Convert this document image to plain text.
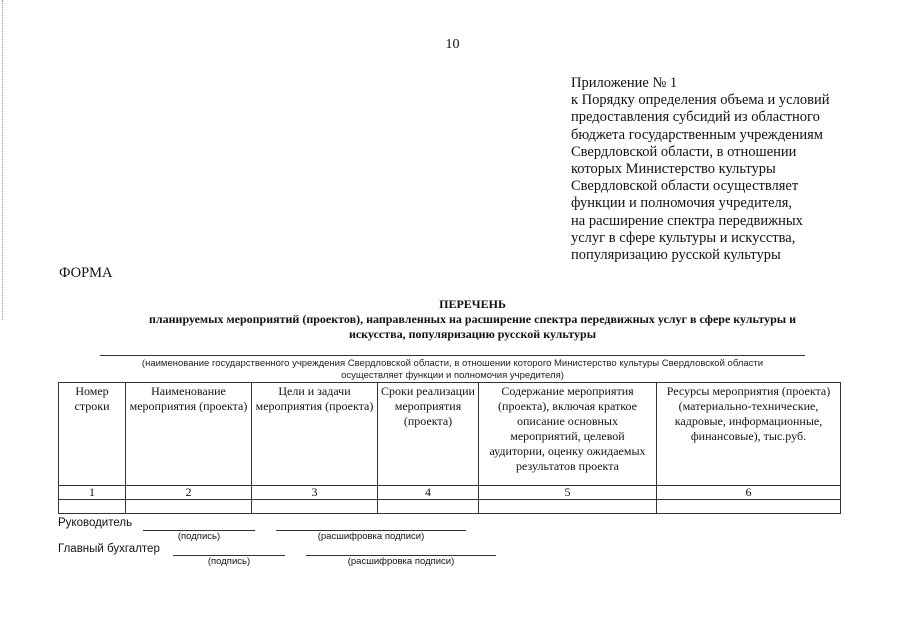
10
Приложение № 1
к Порядку определения объема и условий
предоставления субсидий из областного
бюджета государственным учреждениям
Свердловской области, в отношении
которых Министерство культуры
Свердловской области осуществляет
функции и полномочия учредителя,
на расширение спектра передвижных
услуг в сфере культуры и искусства,
популяризацию русской культуры
ФОРМА
ПЕРЕЧЕНЬ
планируемых мероприятий (проектов), направленных на расширение спектра передвижных услуг в сфере культуры и
искусства, популяризацию русской культуры
(наименование государственного учреждения Свердловской области, в отношении которого Министерство культуры Свердловской области
осуществляет функции и полномочия учредителя)
Номер строки	Наименование мероприятия (проекта)	Цели и задачи мероприятия (проекта)	Сроки реализации мероприятия (проекта)	Содержание мероприятия (проекта), включая краткое описание основных мероприятий, целевой аудитории, оценку ожидаемых результатов проекта	Ресурсы мероприятия (проекта) (материально-технические, кадровые, информационные, финансовые), тыс.руб.
1	2	3	4	5	6

Руководитель
(подпись)	(расшифровка подписи)
Главный бухгалтер
(подпись)	(расшифровка подписи)
